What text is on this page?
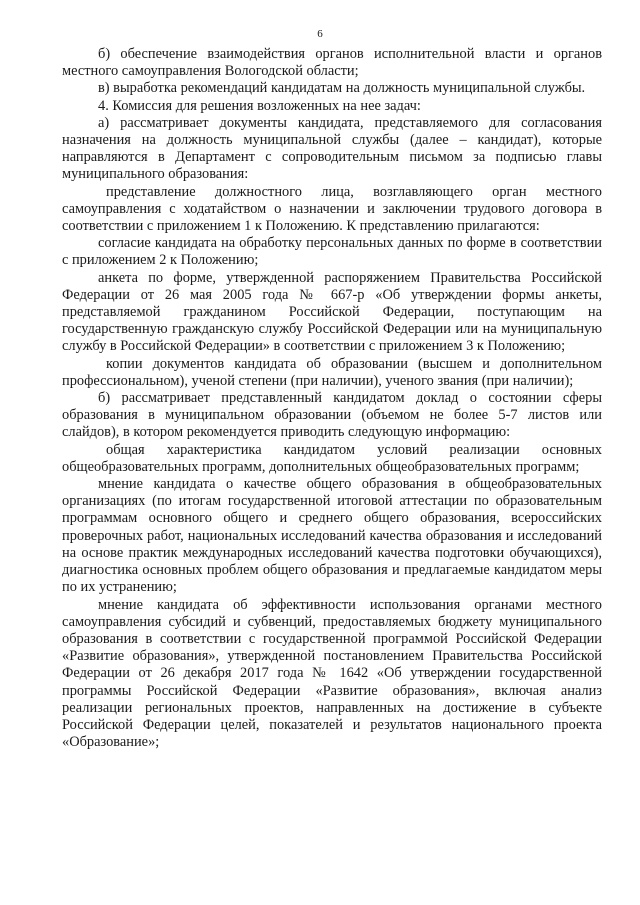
6

б) обеспечение взаимодействия органов исполнительной власти и органов местного самоуправления Вологодской области;

в) выработка рекомендаций кандидатам на должность муниципальной службы.

4. Комиссия для решения возложенных на нее задач:

а) рассматривает документы кандидата, представляемого для согласования назначения на должность муниципальной службы (далее – кандидат), которые направляются в Департамент с сопроводительным письмом за подписью главы муниципального образования:

представление должностного лица, возглавляющего орган местного самоуправления с ходатайством о назначении и заключении трудового договора в соответствии с приложением 1 к Положению. К представлению прилагаются:

согласие кандидата на обработку персональных данных по форме в соответствии с приложением 2 к Положению;

анкета по форме, утвержденной распоряжением Правительства Российской Федерации от 26 мая 2005 года № 667-р «Об утверждении формы анкеты, представляемой гражданином Российской Федерации, поступающим на государственную гражданскую службу Российской Федерации или на муниципальную службу в Российской Федерации» в соответствии с приложением 3 к Положению;

копии документов кандидата об образовании (высшем и дополнительном профессиональном), ученой степени (при наличии), ученого звания (при наличии);

б) рассматривает представленный кандидатом доклад о состоянии сферы образования в муниципальном образовании (объемом не более 5-7 листов или слайдов), в котором рекомендуется приводить следующую информацию:

общая характеристика кандидатом условий реализации основных общеобразовательных программ, дополнительных общеобразовательных программ;

мнение кандидата о качестве общего образования в общеобразовательных организациях (по итогам государственной итоговой аттестации по образовательным программам основного общего и среднего общего образования, всероссийских проверочных работ, национальных исследований качества образования и исследований на основе практик международных исследований качества подготовки обучающихся), диагностика основных проблем общего образования и предлагаемые кандидатом меры по их устранению;

мнение кандидата об эффективности использования органами местного самоуправления субсидий и субвенций, предоставляемых бюджету муниципального образования в соответствии с государственной программой Российской Федерации «Развитие образования», утвержденной постановлением Правительства Российской Федерации от 26 декабря 2017 года № 1642 «Об утверждении государственной программы Российской Федерации «Развитие образования», включая анализ реализации региональных проектов, направленных на достижение в субъекте Российской Федерации целей, показателей и результатов национального проекта «Образование»;
